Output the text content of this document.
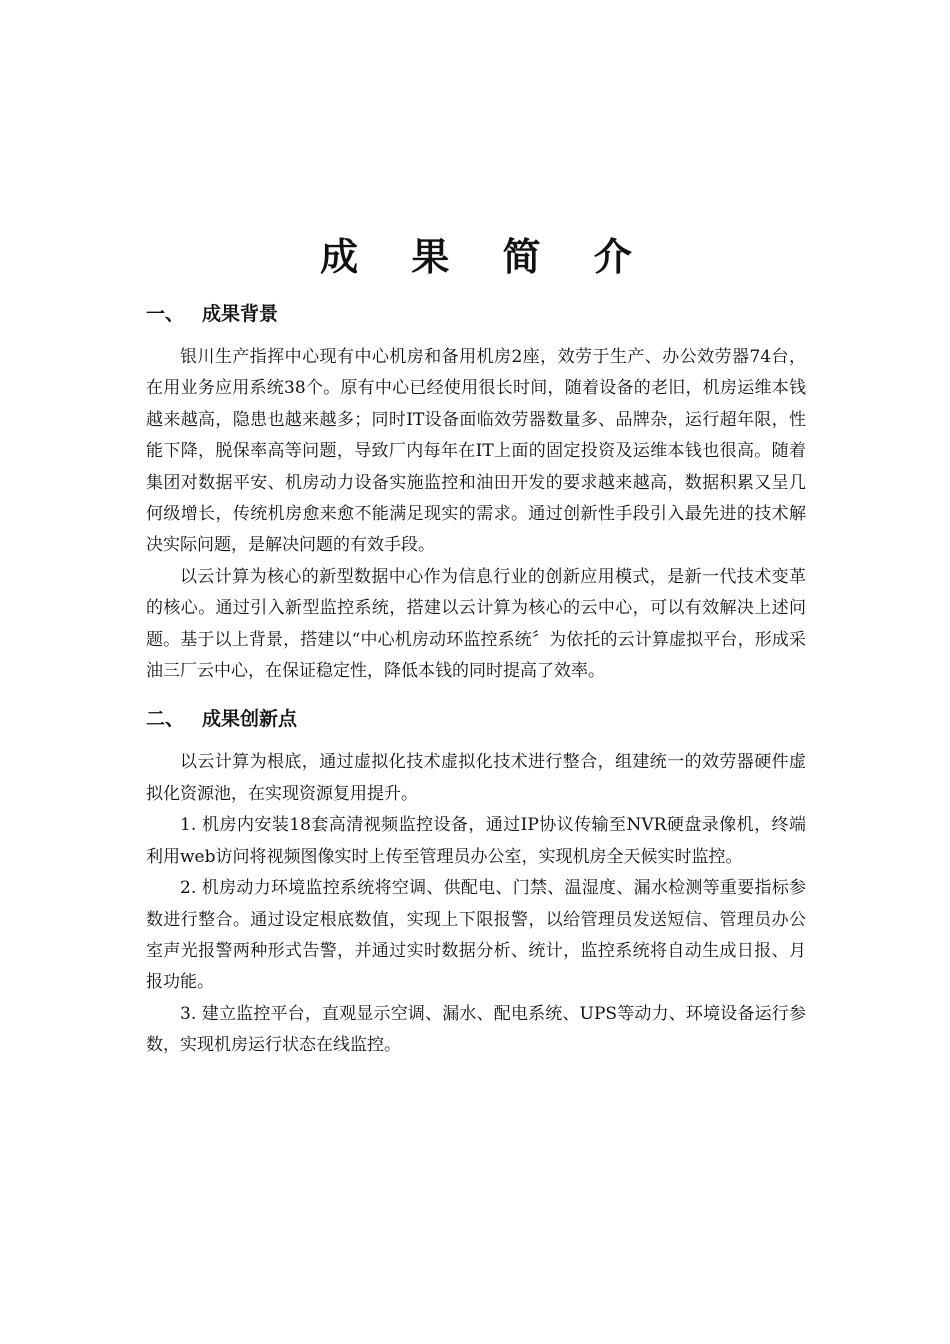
成 果 简 介
一、 成果背景

银川生产指挥中心现有中心机房和备用机房2座，效劳于生产、办公效劳器74台，在用业务应用系统38个。原有中心已经使用很长时间，随着设备的老旧，机房运维本钱越来越高，隐患也越来越多；同时IT设备面临效劳器数量多、品牌杂，运行超年限，性能下降，脱保率高等问题，导致厂内每年在IT上面的固定投资及运维本钱也很高。随着集团对数据平安、机房动力设备实施监控和油田开发的要求越来越高，数据积累又呈几何级增长，传统机房愈来愈不能满足现实的需求。通过创新性手段引入最先进的技术解决实际问题，是解决问题的有效手段。

以云计算为核心的新型数据中心作为信息行业的创新应用模式，是新一代技术变革的核心。通过引入新型监控系统，搭建以云计算为核心的云中心，可以有效解决上述问题。基于以上背景，搭建以“中心机房动环监控系统〞为依托的云计算虚拟平台，形成采油三厂云中心，在保证稳定性，降低本钱的同时提高了效率。

二、 成果创新点

以云计算为根底，通过虚拟化技术虚拟化技术进行整合，组建统一的效劳器硬件虚拟化资源池，在实现资源复用提升。

1. 机房内安装18套高清视频监控设备，通过IP协议传输至NVR硬盘录像机，终端利用web访问将视频图像实时上传至管理员办公室，实现机房全天候实时监控。

2. 机房动力环境监控系统将空调、供配电、门禁、温湿度、漏水检测等重要指标参数进行整合。通过设定根底数值，实现上下限报警，以给管理员发送短信、管理员办公室声光报警两种形式告警，并通过实时数据分析、统计，监控系统将自动生成日报、月报功能。

3. 建立监控平台，直观显示空调、漏水、配电系统、UPS等动力、环境设备运行参数，实现机房运行状态在线监控。
